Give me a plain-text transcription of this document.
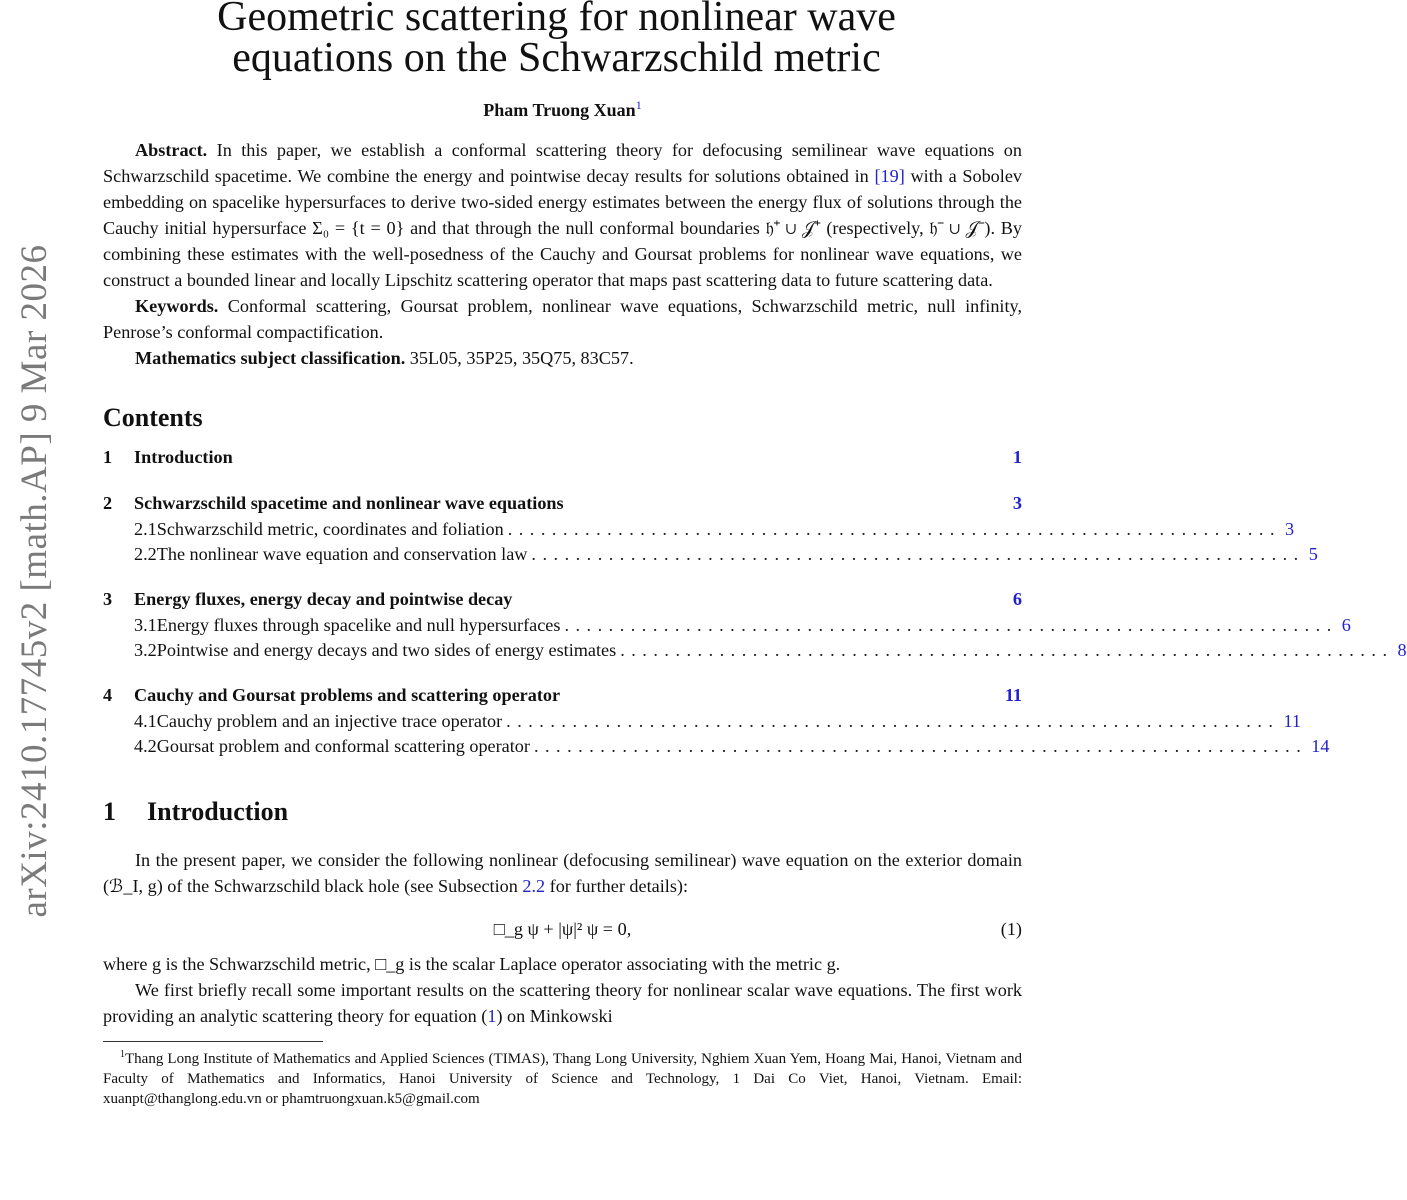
arXiv:2410.17745v2 [math.AP] 9 Mar 2026
Geometric scattering for nonlinear wave
equations on the Schwarzschild metric
Pham Truong Xuan$^1$
Abstract. In this paper, we establish a conformal scattering theory for defocusing semilinear wave equations on Schwarzschild spacetime. We combine the energy and pointwise decay results for solutions obtained in [19] with a Sobolev embedding on spacelike hypersurfaces to derive two-sided energy estimates between the energy flux of solutions through the Cauchy initial hypersurface Σ₀ = {t = 0} and that through the null conformal boundaries 𝔥⁺ ∪ 𝒥⁺ (respectively, 𝔥⁻ ∪ 𝒥⁻). By combining these estimates with the well-posedness of the Cauchy and Goursat problems for nonlinear wave equations, we construct a bounded linear and locally Lipschitz scattering operator that maps past scattering data to future scattering data.
Keywords. Conformal scattering, Goursat problem, nonlinear wave equations, Schwarzschild metric, null infinity, Penrose’s conformal compactification.
Mathematics subject classification. 35L05, 35P25, 35Q75, 83C57.
Contents
1	Introduction	1
2	Schwarzschild spacetime and nonlinear wave equations	3
2.1 Schwarzschild metric, coordinates and foliation ...................................................................... 3
2.2 The nonlinear wave equation and conservation law ...................................................................... 5
3	Energy fluxes, energy decay and pointwise decay	6
3.1 Energy fluxes through spacelike and null hypersurfaces ...................................................................... 6
3.2 Pointwise and energy decays and two sides of energy estimates ...................................................................... 8
4	Cauchy and Goursat problems and scattering operator	11
4.1 Cauchy problem and an injective trace operator ...................................................................... 11
4.2 Goursat problem and conformal scattering operator ...................................................................... 14
1	Introduction
In the present paper, we consider the following nonlinear (defocusing semilinear) wave equation on the exterior domain (ℬ_I, g) of the Schwarzschild black hole (see Subsection 2.2 for further details):
□_g ψ + |ψ|² ψ = 0,	(1)
where g is the Schwarzschild metric, □_g is the scalar Laplace operator associating with the metric g.
We first briefly recall some important results on the scattering theory for nonlinear scalar wave equations. The first work providing an analytic scattering theory for equation (1) on Minkowski
$^1$Thang Long Institute of Mathematics and Applied Sciences (TIMAS), Thang Long University, Nghiem Xuan Yem, Hoang Mai, Hanoi, Vietnam and Faculty of Mathematics and Informatics, Hanoi University of Science and Technology, 1 Dai Co Viet, Hanoi, Vietnam. Email: xuanpt@thanglong.edu.vn or phamtruongxuan.k5@gmail.com
